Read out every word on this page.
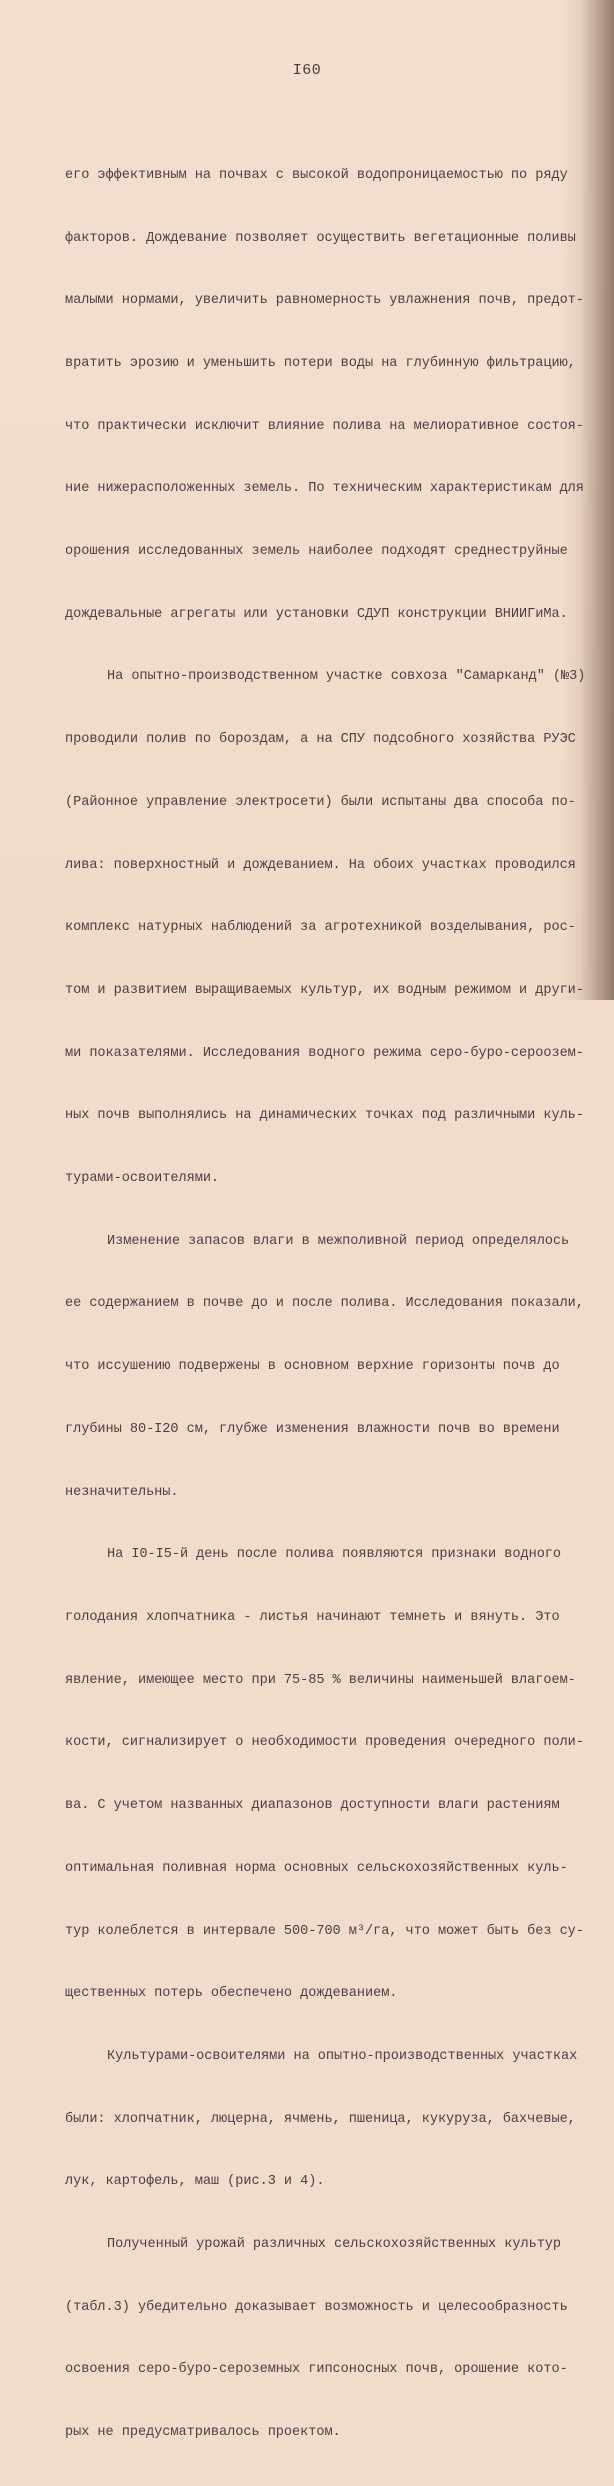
I60

его эффективным на почвах с высокой водопроницаемостью по ряду

факторов. Дождевание позволяет осуществить вегетационные поливы

малыми нормами, увеличить равномерность увлажнения почв, предот-

вратить эрозию и уменьшить потери воды на глубинную фильтрацию,

что практически исключит влияние полива на мелиоративное состоя-

ние нижерасположенных земель. По техническим характеристикам для

орошения исследованных земель наиболее подходят среднеструйные

дождевальные агрегаты или установки СДУП конструкции ВНИИГиМа.

На опытно-производственном участке совхоза "Самарканд" (№3)

проводили полив по бороздам, а на СПУ подсобного хозяйства РУЭС

(Районное управление электросети) были испытаны два способа по-

лива: поверхностный и дождеванием. На обоих участках проводился

комплекс натурных наблюдений за агротехникой возделывания, рос-

том и развитием выращиваемых культур, их водным режимом и други-

ми показателями. Исследования водного режима серо-буро-сероозем-

ных почв выполнялись на динамических точках под различными куль-

турами-освоителями.

Изменение запасов влаги в межполивной период определялось

ее содержанием в почве до и после полива. Исследования показали,

что иссушению подвержены в основном верхние горизонты почв до

глубины 80-I20 см, глубже изменения влажности почв во времени

незначительны.

На I0-I5-й день после полива появляются признаки водного

голодания хлопчатника - листья начинают темнеть и вянуть. Это

явление, имеющее место при 75-85 % величины наименьшей влагоем-

кости, сигнализирует о необходимости проведения очередного поли-

ва. С учетом названных диапазонов доступности влаги растениям

оптимальная поливная норма основных сельскохозяйственных куль-

тур колеблется в интервале 500-700 м³/га, что может быть без су-

щественных потерь обеспечено дождеванием.

Культурами-освоителями на опытно-производственных участках

были: хлопчатник, люцерна, ячмень, пшеница, кукуруза, бахчевые,

лук, картофель, маш (рис.3 и 4).

Полученный урожай различных сельскохозяйственных культур

(табл.3) убедительно доказывает возможность и целесообразность

освоения серо-буро-сероземных гипсоносных почв, орошение кото-

рых не предусматривалось проектом.
